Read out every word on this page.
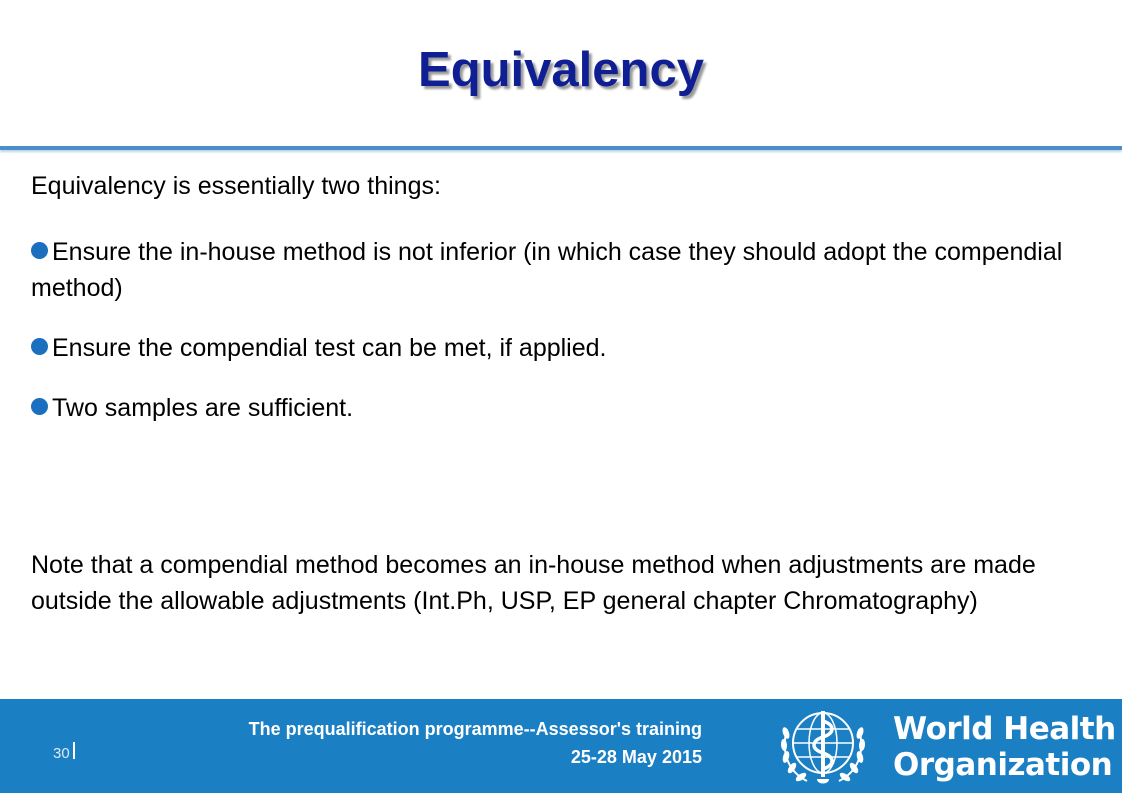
Equivalency

Equivalency is essentially two things:

Ensure the in-house method is not inferior (in which case they should adopt the compendial method)
Ensure the compendial test can be met, if applied.
Two samples are sufficient.

Note that a compendial method becomes an in-house method when adjustments are made outside the allowable adjustments (Int.Ph, USP, EP general chapter Chromatography)

The prequalification programme--Assessor's training
25-28 May 2015
30
World Health
Organization
